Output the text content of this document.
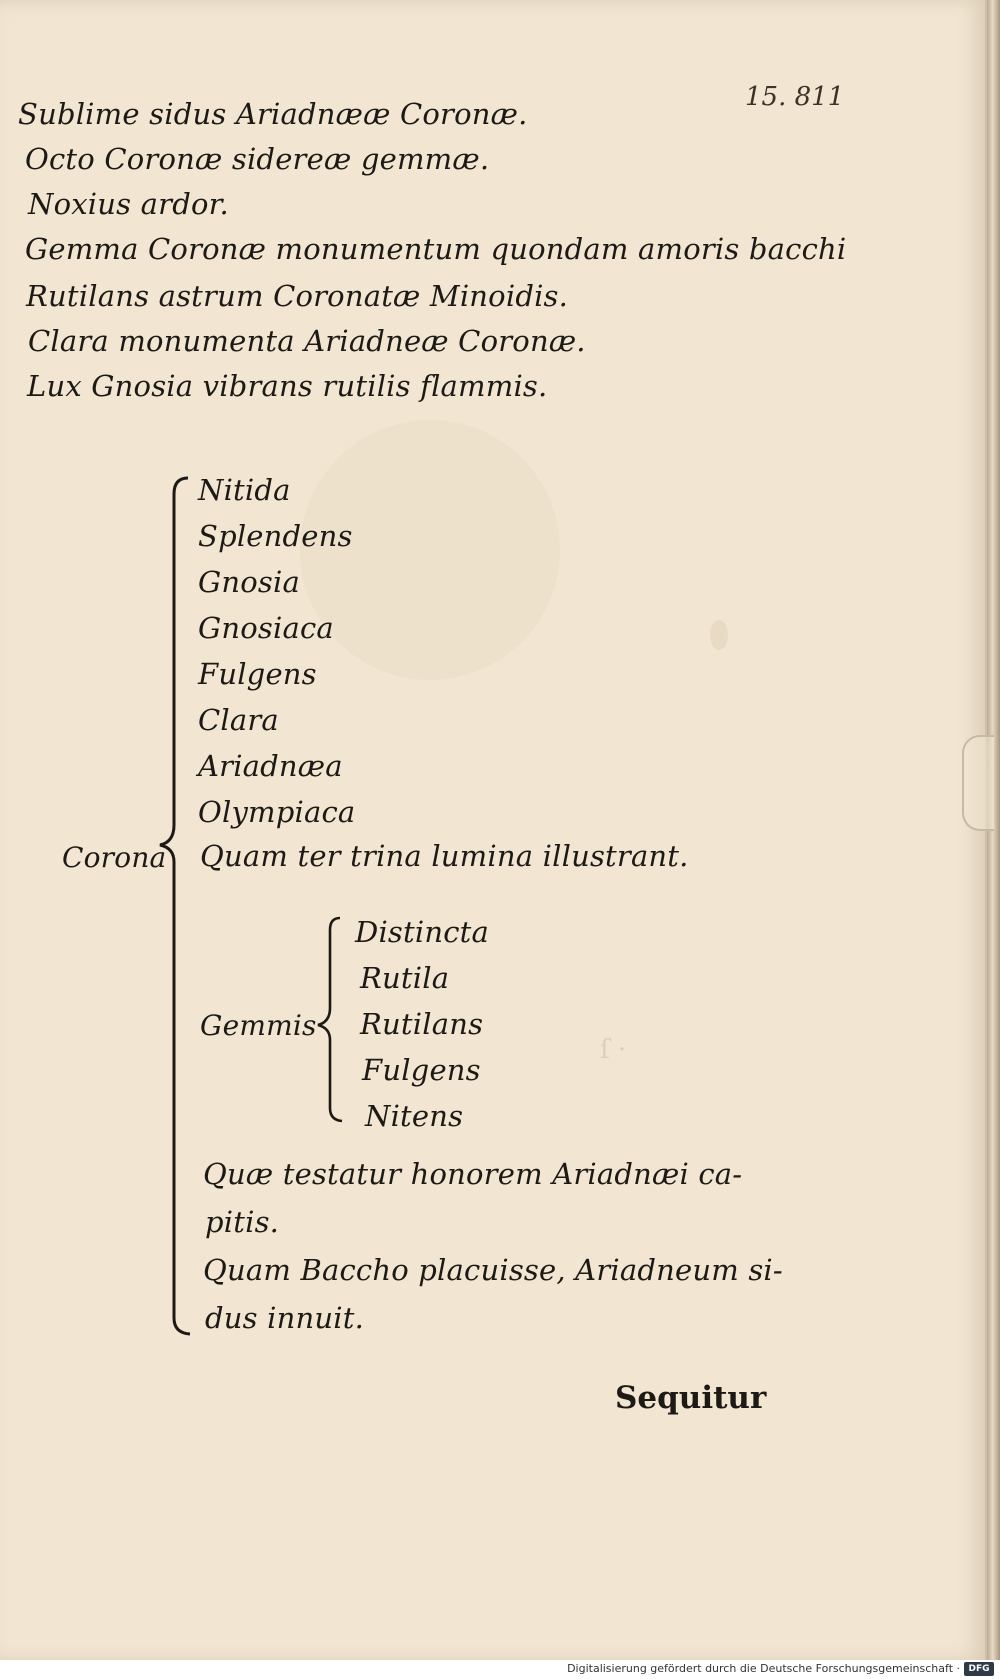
ſ ·
15. 811
Sublime sidus Ariadnææ Coronæ.
Octo Coronæ sidereæ gemmæ.
Noxius ardor.
Gemma Coronæ monumentum quondam amoris bacchi
Rutilans astrum Coronatæ Minoidis.
Clara monumenta Ariadneæ Coronæ.
Lux Gnosia vibrans rutilis flammis.
Corona
Nitida
Splendens
Gnosia
Gnosiaca
Fulgens
Clara
Ariadnæa
Olympiaca
Quam ter trina lumina illustrant.
Gemmis
Distincta
Rutila
Rutilans
Fulgens
Nitens
Quæ testatur honorem Ariadnæi ca-
pitis.
Quam Baccho placuisse, Ariadneum si-
dus innuit.
Sequitur
Digitalisierung gefördert durch die Deutsche Forschungsgemeinschaft · DFG
